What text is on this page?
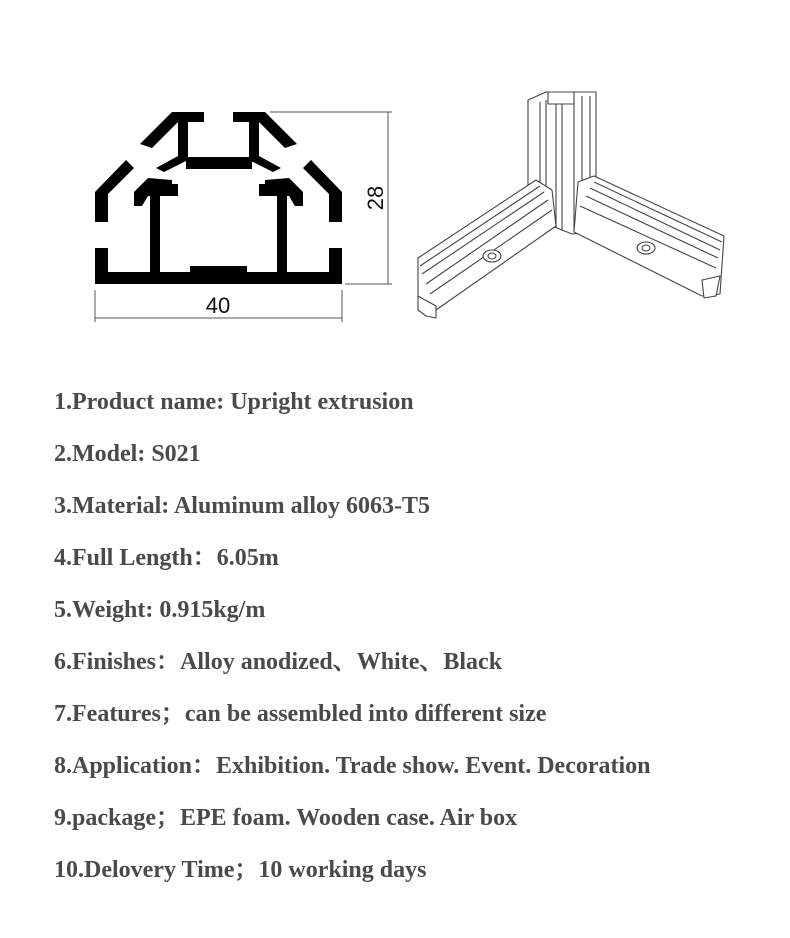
40
28
1.Product name: Upright extrusion
2.Model: S021
3.Material: Aluminum alloy 6063-T5
4.Full Length：6.05m
5.Weight: 0.915kg/m
6.Finishes：Alloy anodized、White、Black
7.Features；can be assembled into different size
8.Application：Exhibition. Trade show. Event. Decoration
9.package；EPE foam. Wooden case. Air box
10.Delovery Time；10 working days
